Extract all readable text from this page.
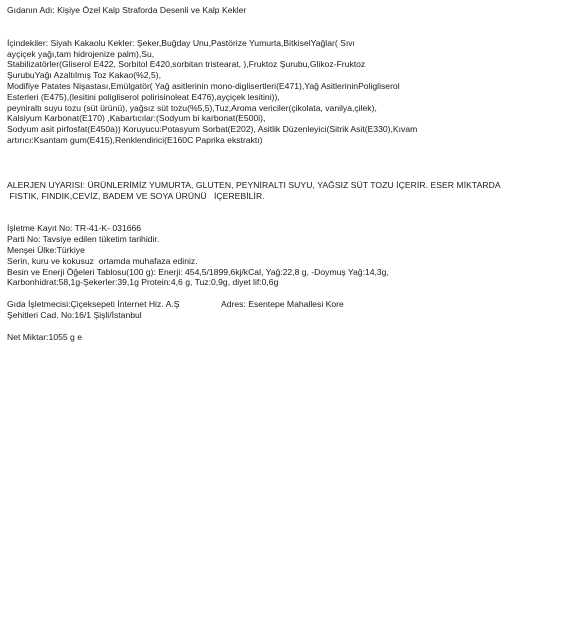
Gıdanın Adı: Kişiye Özel Kalp Straforda Desenli ve Kalp Kekler
İçindekiler: Siyah Kakaolu Kekler: Şeker,Buğday Unu,Pastörize Yumurta,BitkiselYağlar( Sıvı
ayçiçek yağı,tam hidrojenize palm),Su,
Stabilizatörler(Gliserol E422, Sorbitol E420,sorbitan tristearat, ),Fruktoz Şurubu,Glikoz-Fruktoz
ŞurubuYağı Azaltılmış Toz Kakao(%2,5),
Modifiye Patates Nişastası,Emülgatör( Yağ asitlerinin mono-diglisertleri(E471),Yağ AsitlerininPoligliserol
Esterleri (E475),(lesitini poligliserol polirisinoleat E476),ayçiçek lesitini)),
peyniraltı suyu tozu (süt ürünü), yağsız süt tozu(%5,5),Tuz,Aroma vericiler(çikolata, vanilya,çilek),
Kalsiyum Karbonat(E170) ,Kabartıcılar:(Sodyum bi karbonat(E500i),
Sodyum asit pirfosfat(E450a)) Koruyucu:Potasyum Sorbat(E202), Asitlik Düzenleyici(Sitrik Asit(E330),Kıvam
artırıcı:Ksantam gum(E415),Renklendirici(E160C Paprika ekstraktı)
ALERJEN UYARISI: ÜRÜNLERİMİZ YUMURTA, GLUTEN, PEYNİRALTI SUYU, YAĞSIZ SÜT TOZU İÇERİR. ESER MİKTARDA
FISTIK, FINDIK,CEVİZ, BADEM VE SOYA ÜRÜNÜ   İÇEREBİLİR.
İşletme Kayıt No: TR-41-K- 031666
Parti No: Tavsiye edilen tüketim tarihidir.
Menşei Ülke:Türkiye
Serin, kuru ve kokusuz  ortamda muhafaza ediniz.
Besin ve Enerji Öğeleri Tablosu(100 g): Enerji: 454,5/1899,6kj/kCal, Yağ:22,8 g, -Doymuş Yağ:14,3g,
Karbonhidrat:58,1g-Şekerler:39,1g Protein:4,6 g, Tuz:0,9g, diyet lif:0,6g
Gıda İşletmecisi:Çiçeksepeti İnternet Hiz. A.Ş	Adres: Esentepe Mahallesi Kore
Şehitleri Cad. No:16/1 Şişli/İstanbul
Net Miktar:1055 g e
